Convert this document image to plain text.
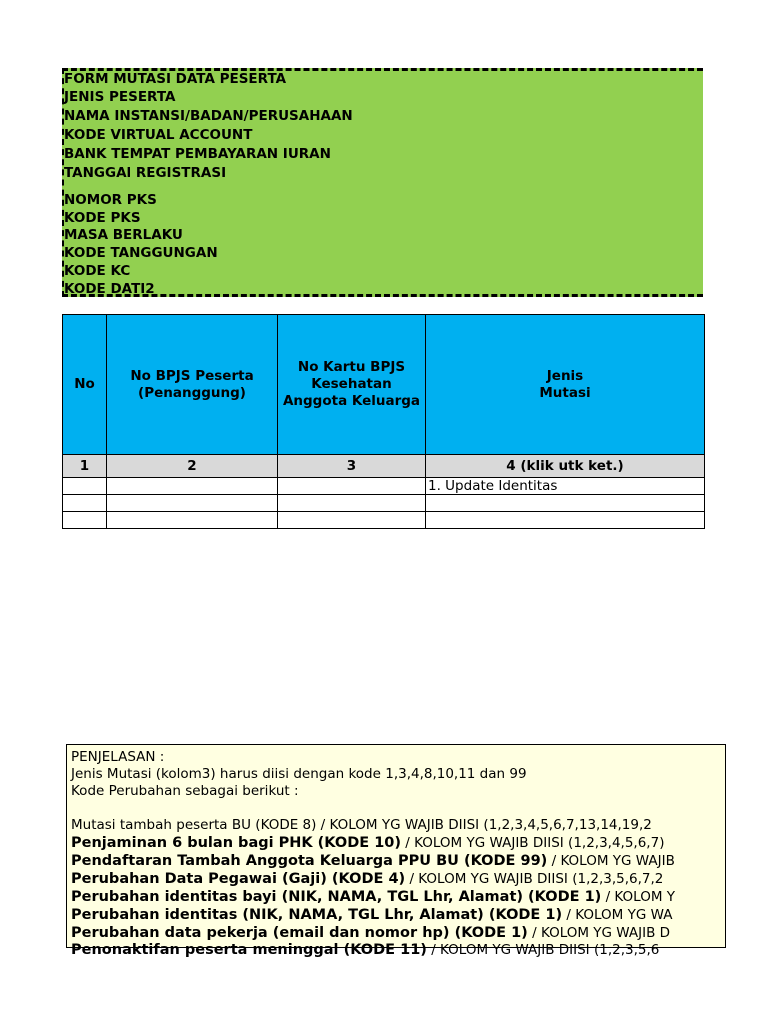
FORM MUTASI DATA PESERTA
JENIS PESERTA
NAMA INSTANSI/BADAN/PERUSAHAAN
KODE VIRTUAL ACCOUNT
BANK TEMPAT PEMBAYARAN IURAN
TANGGAl REGISTRASI
NOMOR PKS
KODE PKS
MASA BERLAKU
KODE TANGGUNGAN
KODE KC
KODE DATI2
No	No BPJS Peserta (Penanggung)	No Kartu BPJS Kesehatan Anggota Keluarga	Jenis Mutasi
1	2	3	4 (klik utk ket.)
			1. Update Identitas

PENJELASAN :
Jenis Mutasi (kolom3) harus diisi dengan kode 1,3,4,8,10,11 dan 99
Kode Perubahan sebagai berikut :
Mutasi tambah peserta BU (KODE 8) / KOLOM YG WAJIB DIISI (1,2,3,4,5,6,7,13,14,19,2
Penjaminan 6 bulan bagi PHK (KODE 10) / KOLOM YG WAJIB DIISI (1,2,3,4,5,6,7)
Pendaftaran Tambah Anggota Keluarga PPU BU (KODE 99) / KOLOM YG WAJIB
Perubahan Data Pegawai (Gaji) (KODE 4) / KOLOM YG WAJIB DIISI (1,2,3,5,6,7,2
Perubahan identitas bayi (NIK, NAMA, TGL Lhr, Alamat) (KODE 1) / KOLOM Y
Perubahan identitas (NIK, NAMA, TGL Lhr, Alamat) (KODE 1) / KOLOM YG WA
Perubahan data pekerja (email dan nomor hp) (KODE 1) / KOLOM YG WAJIB D
Penonaktifan peserta meninggal (KODE 11) / KOLOM YG WAJIB DIISI (1,2,3,5,6
